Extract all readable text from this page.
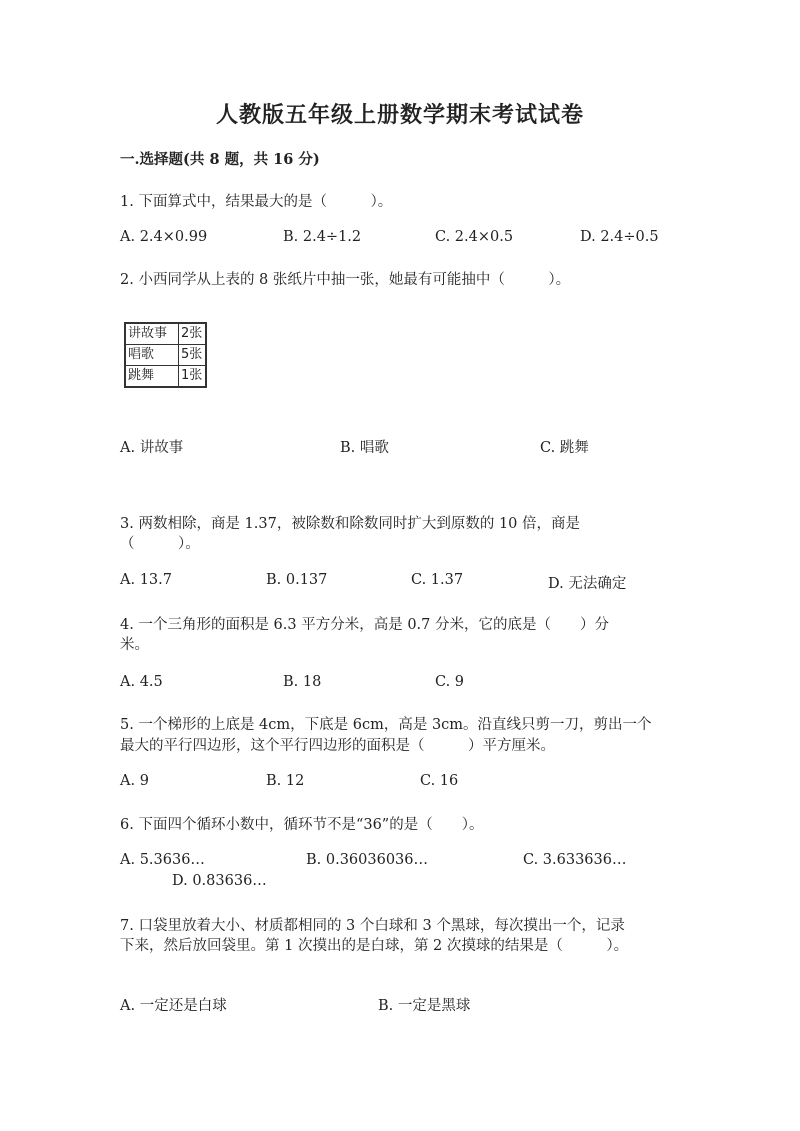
人教版五年级上册数学期末考试试卷
一.选择题(共 8 题，共 16 分)
1. 下面算式中，结果最大的是（　　　）。
A. 2.4×0.99	B. 2.4÷1.2	C. 2.4×0.5	D. 2.4÷0.5
2. 小西同学从上表的 8 张纸片中抽一张，她最有可能抽中（　　　）。
讲故事	2张
唱歌	5张
跳舞	1张
A. 讲故事	B. 唱歌	C. 跳舞
3. 两数相除，商是 1.37，被除数和除数同时扩大到原数的 10 倍，商是
（　　　）。
A. 13.7	B. 0.137	C. 1.37	D. 无法确定
4. 一个三角形的面积是 6.3 平方分米，高是 0.7 分米，它的底是（　　）分
米。
A. 4.5	B. 18	C. 9
5. 一个梯形的上底是 4cm，下底是 6cm，高是 3cm。沿直线只剪一刀，剪出一个
最大的平行四边形，这个平行四边形的面积是（　　　）平方厘米。
A. 9	B. 12	C. 16
6. 下面四个循环小数中，循环节不是“36”的是（　　）。
A. 5.3636…	B. 0.36036036…	C. 3.633636…
D. 0.83636…
7. 口袋里放着大小、材质都相同的 3 个白球和 3 个黑球，每次摸出一个，记录
下来，然后放回袋里。第 1 次摸出的是白球，第 2 次摸球的结果是（　　　）。
A. 一定还是白球	B. 一定是黑球
